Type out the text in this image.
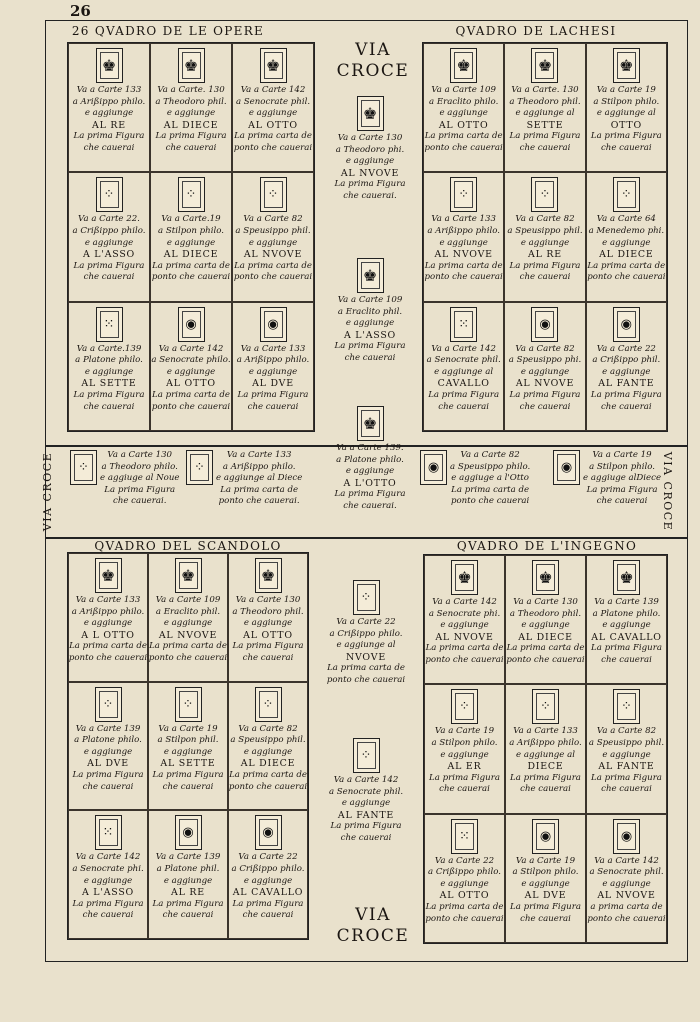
26
26 QVADRO DE LE OPERE	QVADRO DE LACHESI
QVADRO DEL SCANDOLO	QVADRO DE L'INGEGNO
♚
Va a Carte 133
a Arißippo philo.
e aggiunge
AL RE
La prima Figura
che cauerai
♚
Va a Carte. 130
a Theodoro phil.
e aggiunge
AL DIECE
La prima Figura
che cauerai
♚
Va a Carte 142
a Senocrate phil.
e aggiunge
AL OTTO
La prima carta de
ponto che cauerai
⁘
Va a Carte 22.
a Crißippo philo.
e aggiunge
A L'ASSO
La prima Figura
che cauerai
⁘
Va a Carte.19
a Stilpon philo.
e aggiunge
AL DIECE
La prima carta de
ponto che cauerai
⁘
Va a Carte 82
a Speusippo phil.
e aggiunge
AL NVOVE
La prima carta de
ponto che cauerai
⁙
Va a Carte.139
a Platone philo.
e aggiunge
AL SETTE
La prima Figura
che cauerai
◉
Va a Carte 142
a Senocrate philo.
e aggiunge
AL OTTO
La prima carta de
ponto che cauerai
◉
Va a Carte 133
a Arißippo philo.
e aggiunge
AL DVE
La prima Figura
che cauerai
♚
Va a Carte 109
a Eraclito philo.
e aggiunge
AL OTTO
La prima carta de
ponto che cauerai
♚
Va a Carte. 130
a Theodoro phil.
e aggiunge al
SETTE
La prima Figura
che cauerai
♚
Va a Carte 19
a Stilpon philo.
e aggiunge al
OTTO
La prima Figura
che cauerai
⁘
Va a Carte 133
a Arißippo philo.
e aggiunge
AL NVOVE
La prima carta de
ponto che cauerai
⁘
Va a Carte 82
a Speusippo phil.
e aggiunge
AL RE
La prima Figura
che cauerai
⁘
Va a Carte 64
a Menedemo phi.
e aggiunge
AL DIECE
La prima carta de
ponto che cauerai
⁙
Va a Carte 142
a Senocrate phil.
e aggiunge al
CAVALLO
La prima Figura
che cauerai
◉
Va a Carte 82
a Speusippo phi.
e aggiunge
AL NVOVE
La prima Figura
che cauerai
◉
Va a Carte 22
a Crißippo phil.
e aggiunge
AL FANTE
La prima Figura
che cauerai
♚
Va a Carte 133
a Arißippo philo.
e aggiunge
A L OTTO
La prima carta de
ponto che cauerai
♚
Va a Carte 109
a Eraclito phil.
e aggiunge
AL NVOVE
La prima carta de
ponto che cauerai
♚
Va a Carte 130
a Theodoro phil.
e aggiunge
AL OTTO
La prima Figura
che cauerai
⁘
Va a Carte 139
a Platone philo.
e aggiunge
AL DVE
La prima Figura
che cauerai
⁘
Va a Carte 19
a Stilpon phil.
e aggiunge
AL SETTE
La prima Figura
che cauerai
⁘
Va a Carte 82
a Speusippo phil.
e aggiunge
AL DIECE
La prima carta de
ponto che cauerai
⁙
Va a Carte 142
a Senocrate phi.
e aggiunge
A L'ASSO
La prima Figura
che cauerai
◉
Va a Carte 139
a Platone phil.
e aggiunge
AL RE
La prima Figura
che cauerai
◉
Va a Carte 22
a Crißippo philo.
e aggiunge
AL CAVALLO
La prima Figura
che cauerai
♚
Va a Carte 142
a Senocrate phi.
e aggiunge
AL NVOVE
La prima carta de
ponto che cauerai
♚
Va a Carte 130
a Theodoro phil.
e aggiunge
AL DIECE
La prima carta de
ponto che cauerai
♚
Va a Carte 139
a Platone philo.
e aggiunge
AL CAVALLO
La prima Figura
che cauerai
⁘
Va a Carte 19
a Stilpon philo.
e aggiunge
AL ER
La prima Figura
che cauerai
⁘
Va a Carte 133
a Arißippo philo.
e aggiunge al
DIECE
La prima Figura
che cauerai
⁘
Va a Carte 82
a Speusippo phil.
e aggiunge
AL FANTE
La prima Figura
che cauerai
⁙
Va a Carte 22
a Crißippo philo.
e aggiunge
AL OTTO
La prima carta de
ponto che cauerai
◉
Va a Carte 19
a Stilpon philo.
e aggiunge
AL DVE
La prima Figura
che cauerai
◉
Va a Carte 142
a Senocrate phil.
e aggiunge
AL NVOVE
a prima carta de
ponto che cauerai
VIA
CROCE
VIA
CROCE
VIA CROCE	VIA CROCE
♚
Va a Carte 130
a Theodoro phi.
e aggiunge
AL NVOVE
La prima Figura
che cauerai.
♚
Va a Carte 109
a Eraclito phil.
e aggiunge
A L'ASSO
La prima Figura
che cauerai
⁘
Va a Carte 22
a Crißippo philo.
e aggiunge al
NVOVE
La prima carta de
ponto che cauerai
⁘
Va a Carte 142
a Senocrate phil.
e aggiunge
AL FANTE
La prima Figura
che cauerai
⁘
Va a Carte 130
a Theodoro philo.
e aggiuge al Noue
La prima Figura
che cauerai.
⁘
Va a Carte 133
a Arißippo philo.
e aggiunge al Diece
La prima carta de
ponto che cauerai.
♚
Va a Carte 139.
a Platone philo.
e aggiunge
A L'OTTO
La prima Figura
che cauerai.
◉
Va a Carte 82
a Speusippo philo.
e aggiuge a l'Otto
La prima carta de
ponto che cauerai
◉
Va a Carte 19
a Stilpon philo.
e aggiuge alDiece
La prima Figura
che cauerai
